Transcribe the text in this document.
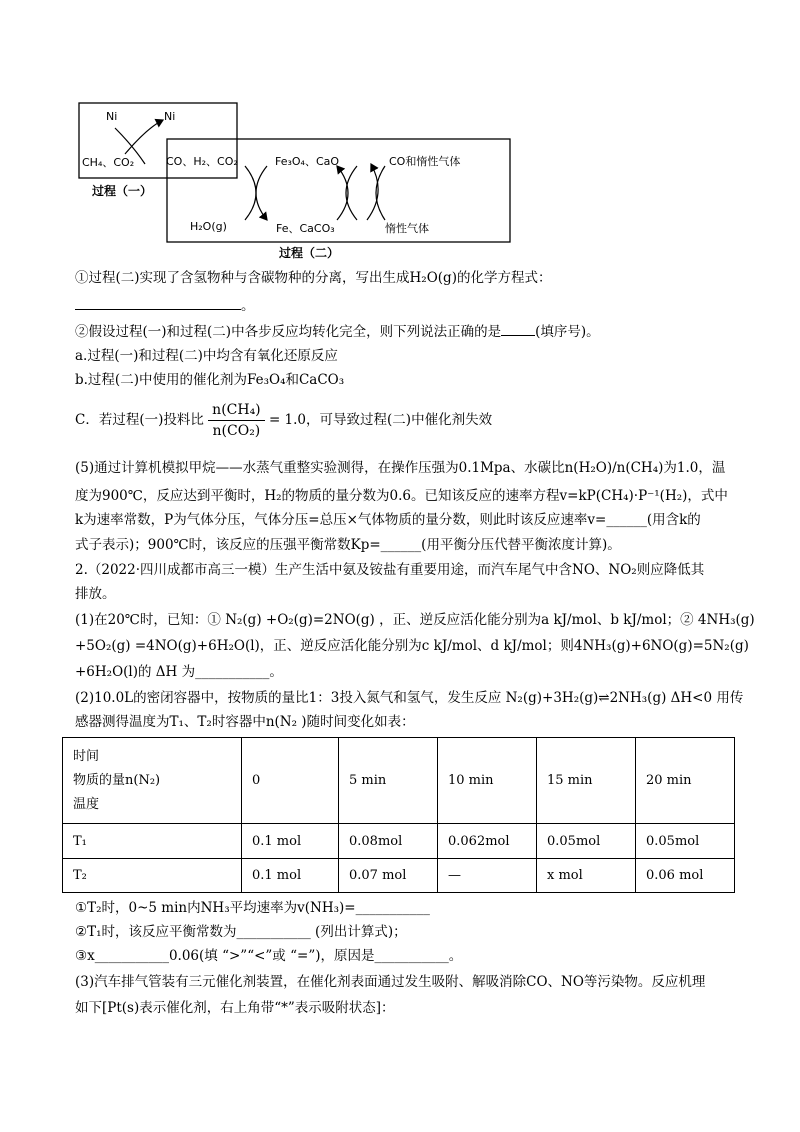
Ni	Ni
CH₄、CO₂	CO、H₂、CO₂	Fe₃O₄、CaO	CO和惰性气体
H₂O(g)	Fe、CaCO₃	惰性气体
过程（一）
过程（二）
①过程(二)实现了含氢物种与含碳物种的分离，写出生成H₂O(g)的化学方程式：
。
②假设过程(一)和过程(二)中各步反应均转化完全，则下列说法正确的是	(填序号)。
a.过程(一)和过程(二)中均含有氧化还原反应
b.过程(二)中使用的催化剂为Fe₃O₄和CaCO₃
C．若过程(一)投料比 $\frac{\text{n(CH₄)}}{\text{n(CO₂)}} = 1.0$，可导致过程(二)中催化剂失效
(5)通过计算机模拟甲烷——水蒸气重整实验测得，在操作压强为0.1Mpa、水碳比n(H₂O)/n(CH₄)为1.0，温
度为900℃，反应达到平衡时，H₂的物质的量分数为0.6。已知该反应的速率方程v=kP(CH₄)·P⁻¹(H₂)，式中
k为速率常数，P为气体分压，气体分压=总压×气体物质的量分数，则此时该反应速率v=______(用含k的
式子表示)；900℃时，该反应的压强平衡常数Kp=______(用平衡分压代替平衡浓度计算)。
2.（2022·四川成都市高三一模）生产生活中氨及铵盐有重要用途，而汽车尾气中含NO、NO₂则应降低其
排放。
(1)在20℃时，已知：① N₂(g) +O₂(g)=2NO(g) ，正、逆反应活化能分别为a kJ/mol、b kJ/mol；② 4NH₃(g)
+5O₂(g) =4NO(g)+6H₂O(l)，正、逆反应活化能分别为c kJ/mol、d kJ/mol；则4NH₃(g)+6NO(g)=5N₂(g)
+6H₂O(l)的 ΔH 为___________。
(2)10.0L的密闭容器中，按物质的量比1：3投入氮气和氢气，发生反应 N₂(g)+3H₂(g)⇌2NH₃(g) ΔH<0 用传
感器测得温度为T₁、T₂时容器中n(N₂ )随时间变化如表：
时间
物质的量n(N₂)
温度	0	5 min	10 min	15 min	20 min
T₁	0.1 mol	0.08mol	0.062mol	0.05mol	0.05mol
T₂	0.1 mol	0.07 mol	—	x mol	0.06 mol
①T₂时，0~5 min内NH₃平均速率为v(NH₃)=___________
②T₁时，该反应平衡常数为___________ (列出计算式)；
③x___________0.06(填 “>”“<”或 “=”)，原因是___________。
(3)汽车排气管装有三元催化剂装置，在催化剂表面通过发生吸附、解吸消除CO、NO等污染物。反应机理
如下[Pt(s)表示催化剂，右上角带“*”表示吸附状态]：
